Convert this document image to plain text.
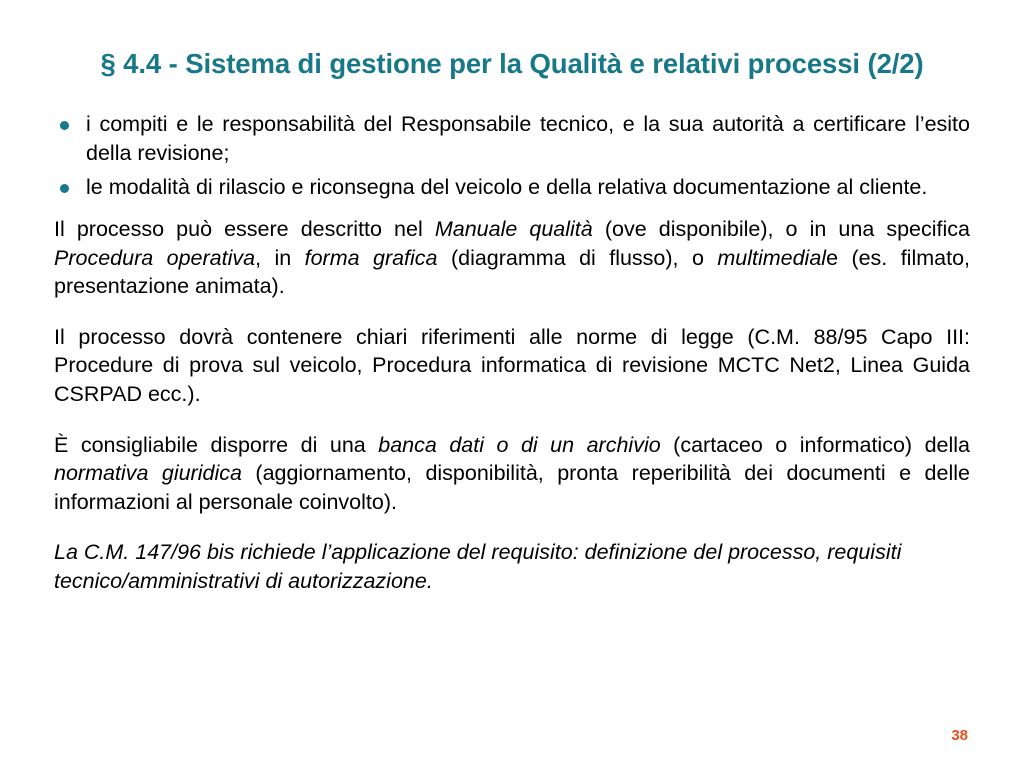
§ 4.4 - Sistema di gestione per la Qualità e relativi processi (2/2)
i compiti e le responsabilità del Responsabile tecnico, e la sua autorità a certificare l’esito della revisione;
le modalità di rilascio e riconsegna del veicolo e della relativa documentazione al cliente.

Il processo può essere descritto nel Manuale qualità (ove disponibile), o in una specifica Procedura operativa, in forma grafica (diagramma di flusso), o multimediale (es. filmato, presentazione animata).

Il processo dovrà contenere chiari riferimenti alle norme di legge (C.M. 88/95 Capo III: Procedure di prova sul veicolo, Procedura informatica di revisione MCTC Net2, Linea Guida CSRPAD ecc.).

È consigliabile disporre di una banca dati o di un archivio (cartaceo o informatico) della normativa giuridica (aggiornamento, disponibilità, pronta reperibilità dei documenti e delle informazioni al personale coinvolto).

La C.M. 147/96 bis richiede l’applicazione del requisito: definizione del processo, requisiti tecnico/amministrativi di autorizzazione.

38
